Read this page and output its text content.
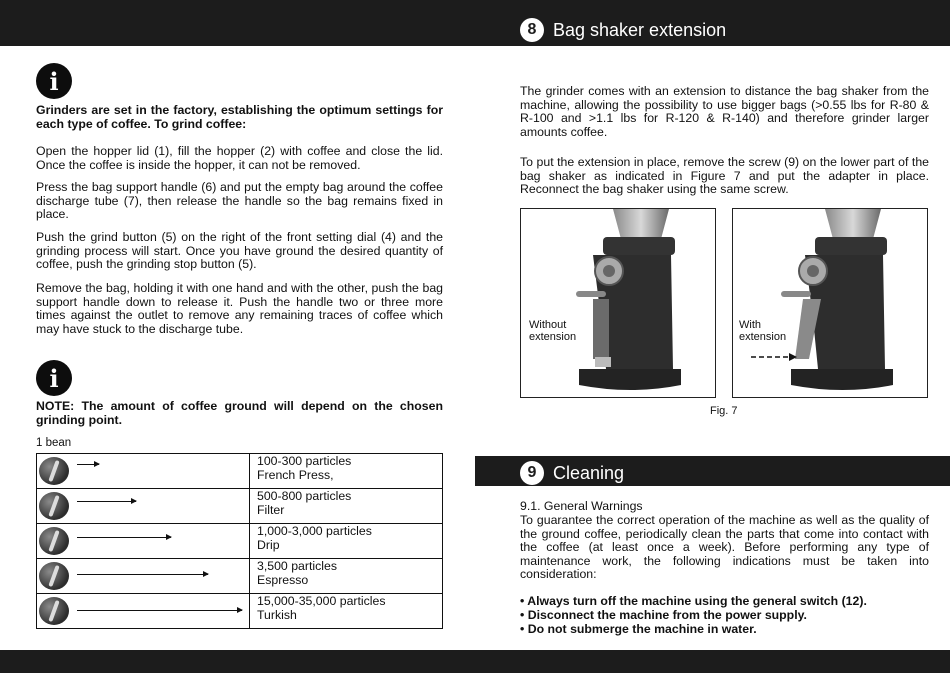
8 Bag shaker extension
i
Grinders are set in the factory, establishing the optimum settings for each type of coffee. To grind coffee:
Open the hopper lid (1), fill the hopper (2) with coffee and close the lid. Once the coffee is inside the hopper, it can not be removed.
Press the bag support handle (6) and put the empty bag around the coffee discharge tube (7), then release the handle so the bag remains fixed in place.
Push the grind button (5) on the right of the front setting dial (4) and the grinding process will start. Once you have ground the desired quantity of coffee, push the grinding stop button (5).
Remove the bag, holding it with one hand and with the other, push the bag support handle down to release it. Push the handle two or three more times against the outlet to remove any remaining traces of coffee which may have stuck to the discharge tube.
i
NOTE: The amount of coffee ground will depend on the chosen grinding point.
1 bean

		100-300 particles
French Press,

		500-800 particles
Filter

		1,000-3,000 particles
Drip

		3,500 particles
Espresso

		15,000-35,000 particles
Turkish
The grinder comes with an extension to distance the bag shaker from the machine, allowing the possibility to use bigger bags (>0.55 lbs for R-80 & R-100 and >1.1 lbs for R-120 & R-140) and therefore grinder larger amounts coffee.
To put the extension in place, remove the screw (9) on the lower part of the bag shaker as indicated in Figure 7 and put the adapter in place. Reconnect the bag shaker using the same screw.
Without
extension
With
extension
Fig. 7
9 Cleaning
9.1. General Warnings
To guarantee the correct operation of the machine as well as the quality of the ground coffee, periodically clean the parts that come into contact with the coffee (at least once a week). Before performing any type of maintenance work, the following indications must be taken into consideration:
• Always turn off the machine using the general switch (12).
• Disconnect the machine from the power supply.
• Do not submerge the machine in water.
